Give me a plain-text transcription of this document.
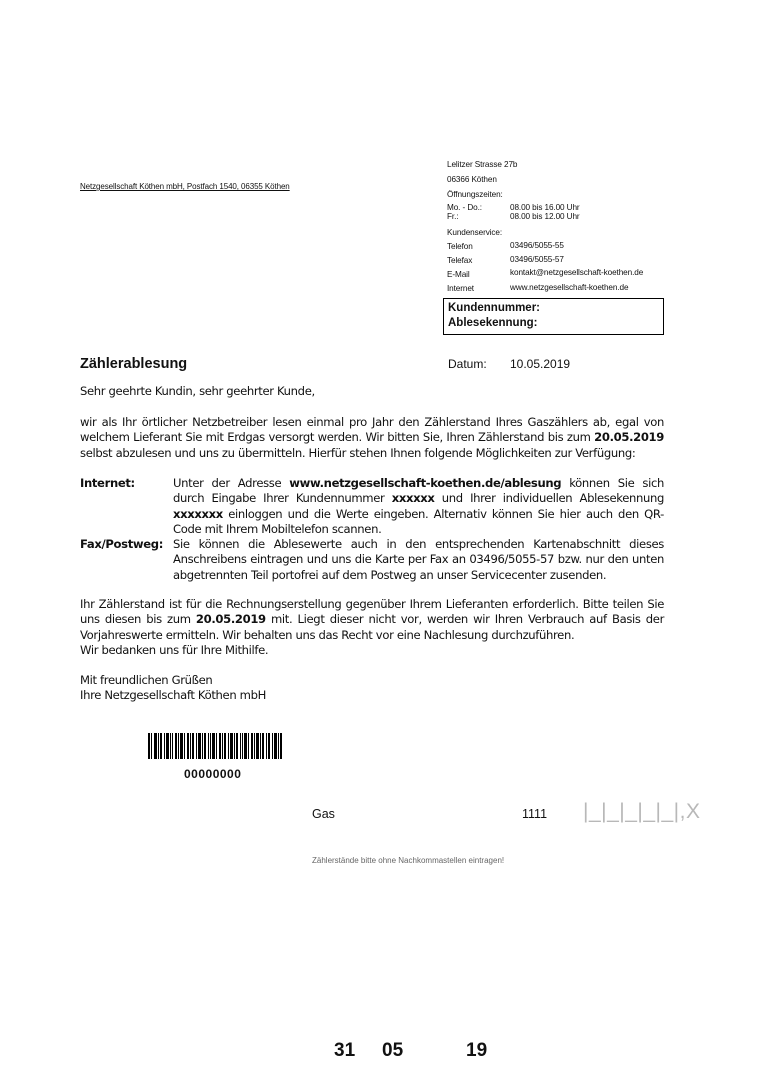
Netzgesellschaft Köthen mbH, Postfach 1540, 06355 Köthen
Lelitzer Strasse 27b
06366 Köthen
Öffnungszeiten:
Mo. - Do.:	08.00 bis 16.00 Uhr
Fr.:	08.00 bis 12.00 Uhr
Kundenservice:
Telefon	03496/5055-55
Telefax	03496/5055-57
E-Mail	kontakt@netzgesellschaft-koethen.de
Internet	www.netzgesellschaft-koethen.de
Kundennummer:
Ablesekennung:
Zählerablesung	Datum: 10.05.2019
Sehr geehrte Kundin, sehr geehrter Kunde,
wir als Ihr örtlicher Netzbetreiber lesen einmal pro Jahr den Zählerstand Ihres Gaszählers ab, egal von welchem Lieferant Sie mit Erdgas versorgt werden. Wir bitten Sie, Ihren Zählerstand bis zum 20.05.2019 selbst abzulesen und uns zu übermitteln. Hierfür stehen Ihnen folgende Möglichkeiten zur Verfügung:
Internet:	Unter der Adresse www.netzgesellschaft-koethen.de/ablesung können Sie sich durch Eingabe Ihrer Kundennummer xxxxxx und Ihrer individuellen Ablesekennung xxxxxxx einloggen und die Werte eingeben. Alternativ können Sie hier auch den QR-Code mit Ihrem Mobiltelefon scannen.
Fax/Postweg: Sie können die Ablesewerte auch in den entsprechenden Kartenabschnitt dieses Anschreibens eintragen und uns die Karte per Fax an 03496/5055-57 bzw. nur den unten abgetrennten Teil portofrei auf dem Postweg an unser Servicecenter zusenden.
Ihr Zählerstand ist für die Rechnungserstellung gegenüber Ihrem Lieferanten erforderlich. Bitte teilen Sie uns diesen bis zum 20.05.2019 mit. Liegt dieser nicht vor, werden wir Ihren Verbrauch auf Basis der Vorjahreswerte ermitteln. Wir behalten uns das Recht vor eine Nachlesung durchzuführen.
Wir bedanken uns für Ihre Mithilfe.
Mit freundlichen Grüßen
Ihre Netzgesellschaft Köthen mbH
00000000
Gas	1111 |_|_|_|_|_|,X
Zählerstände bitte ohne Nachkommastellen eintragen!
31 05	19
